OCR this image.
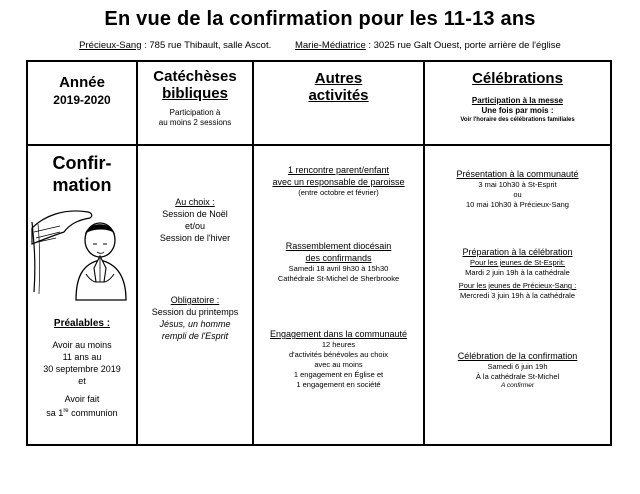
En vue de la confirmation pour les 11-13 ans
Précieux-Sang : 785 rue Thibault, salle Ascot.	Marie-Médiatrice : 3025 rue Galt Ouest, porte arrière de l'église
Année
2019-2020
Catéchèses
bibliques
Participation à
au moins 2 sessions
Autres
activités
Célébrations
Participation à la messe
Une fois par mois :
Voir l'horaire des célébrations familiales
Confir-
mation
Préalables :
Avoir au moins
11 ans au
30 septembre 2019
et
Avoir fait
sa 1re communion
Au choix :
Session de Noël
et/ou
Session de l'hiver
Obligatoire :
Session du printemps
Jésus, un homme
rempli de l'Esprit
1 rencontre parent/enfant
avec un responsable de paroisse
(entre octobre et février)
Rassemblement diocésain
des confirmands
Samedi 18 avril 9h30 à 15h30
Cathédrale St-Michel de Sherbrooke
Engagement dans la communauté
12 heures
d'activités bénévoles au choix
avec au moins
1 engagement en Église et
1 engagement en société
Présentation à la communauté
3 mai 10h30 à St-Esprit
ou
10 mai 10h30 à Précieux-Sang
Préparation à la célébration
Pour les jeunes de St-Esprit:
Mardi 2 juin 19h à la cathédrale
Pour les jeunes de Précieux-Sang :
Mercredi 3 juin 19h à la cathédrale
Célébration de la confirmation
Samedi 6 juin 19h
À la cathédrale St-Michel
A confirmer
